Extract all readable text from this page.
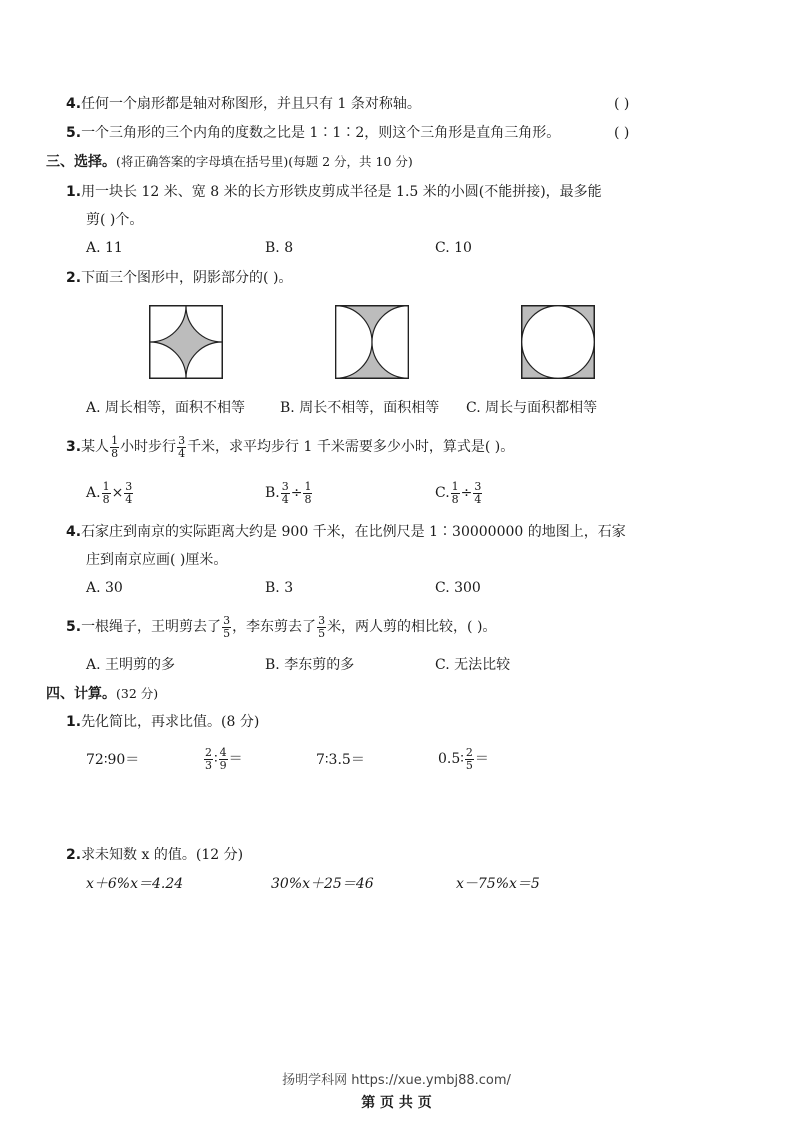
4.任何一个扇形都是轴对称图形，并且只有 1 条对称轴。	( )
5.一个三角形的三个内角的度数之比是 1∶1∶2，则这个三角形是直角三角形。	( )
三、选择。(将正确答案的字母填在括号里)(每题 2 分，共 10 分)
1.用一块长 12 米、宽 8 米的长方形铁皮剪成半径是 1.5 米的小圆(不能拼接)，最多能
剪( )个。
A. 11	B. 8	C. 10
2.下面三个图形中，阴影部分的( )。
A. 周长相等，面积不相等 B. 周长不相等，面积相等 C. 周长与面积都相等
3. 某人 $\frac{1}{8}$ 小时步行 $\frac{3}{4}$ 千米，求平均步行 1 千米需要多少小时，算式是( )。
A. $\frac{1}{8} \times \frac{3}{4}$	B. $\frac{3}{4} \div \frac{1}{8}$	C. $\frac{1}{8} \div \frac{3}{4}$
4.石家庄到南京的实际距离大约是 900 千米，在比例尺是 1∶30000000 的地图上，石家
庄到南京应画( )厘米。
A. 30	B. 3	C. 300
5. 一根绳子，王明剪去了 $\frac{3}{5}$ ，李东剪去了 $\frac{3}{5}$ 米，两人剪的相比较，( )。
A. 王明剪的多	B. 李东剪的多	C. 无法比较
四、计算。(32 分)
1.先化简比，再求比值。(8 分)
72∶90＝	$\frac{2}{3}$ ∶ $\frac{4}{9}$ ＝	7∶3.5＝	0.5∶ $\frac{2}{5}$ ＝
2.求未知数 x 的值。(12 分)
x＋6%x＝4.24	30%x＋25＝46	x－75%x＝5
扬明学科网 https://xue.ymbj88.com/
第 页 共 页
